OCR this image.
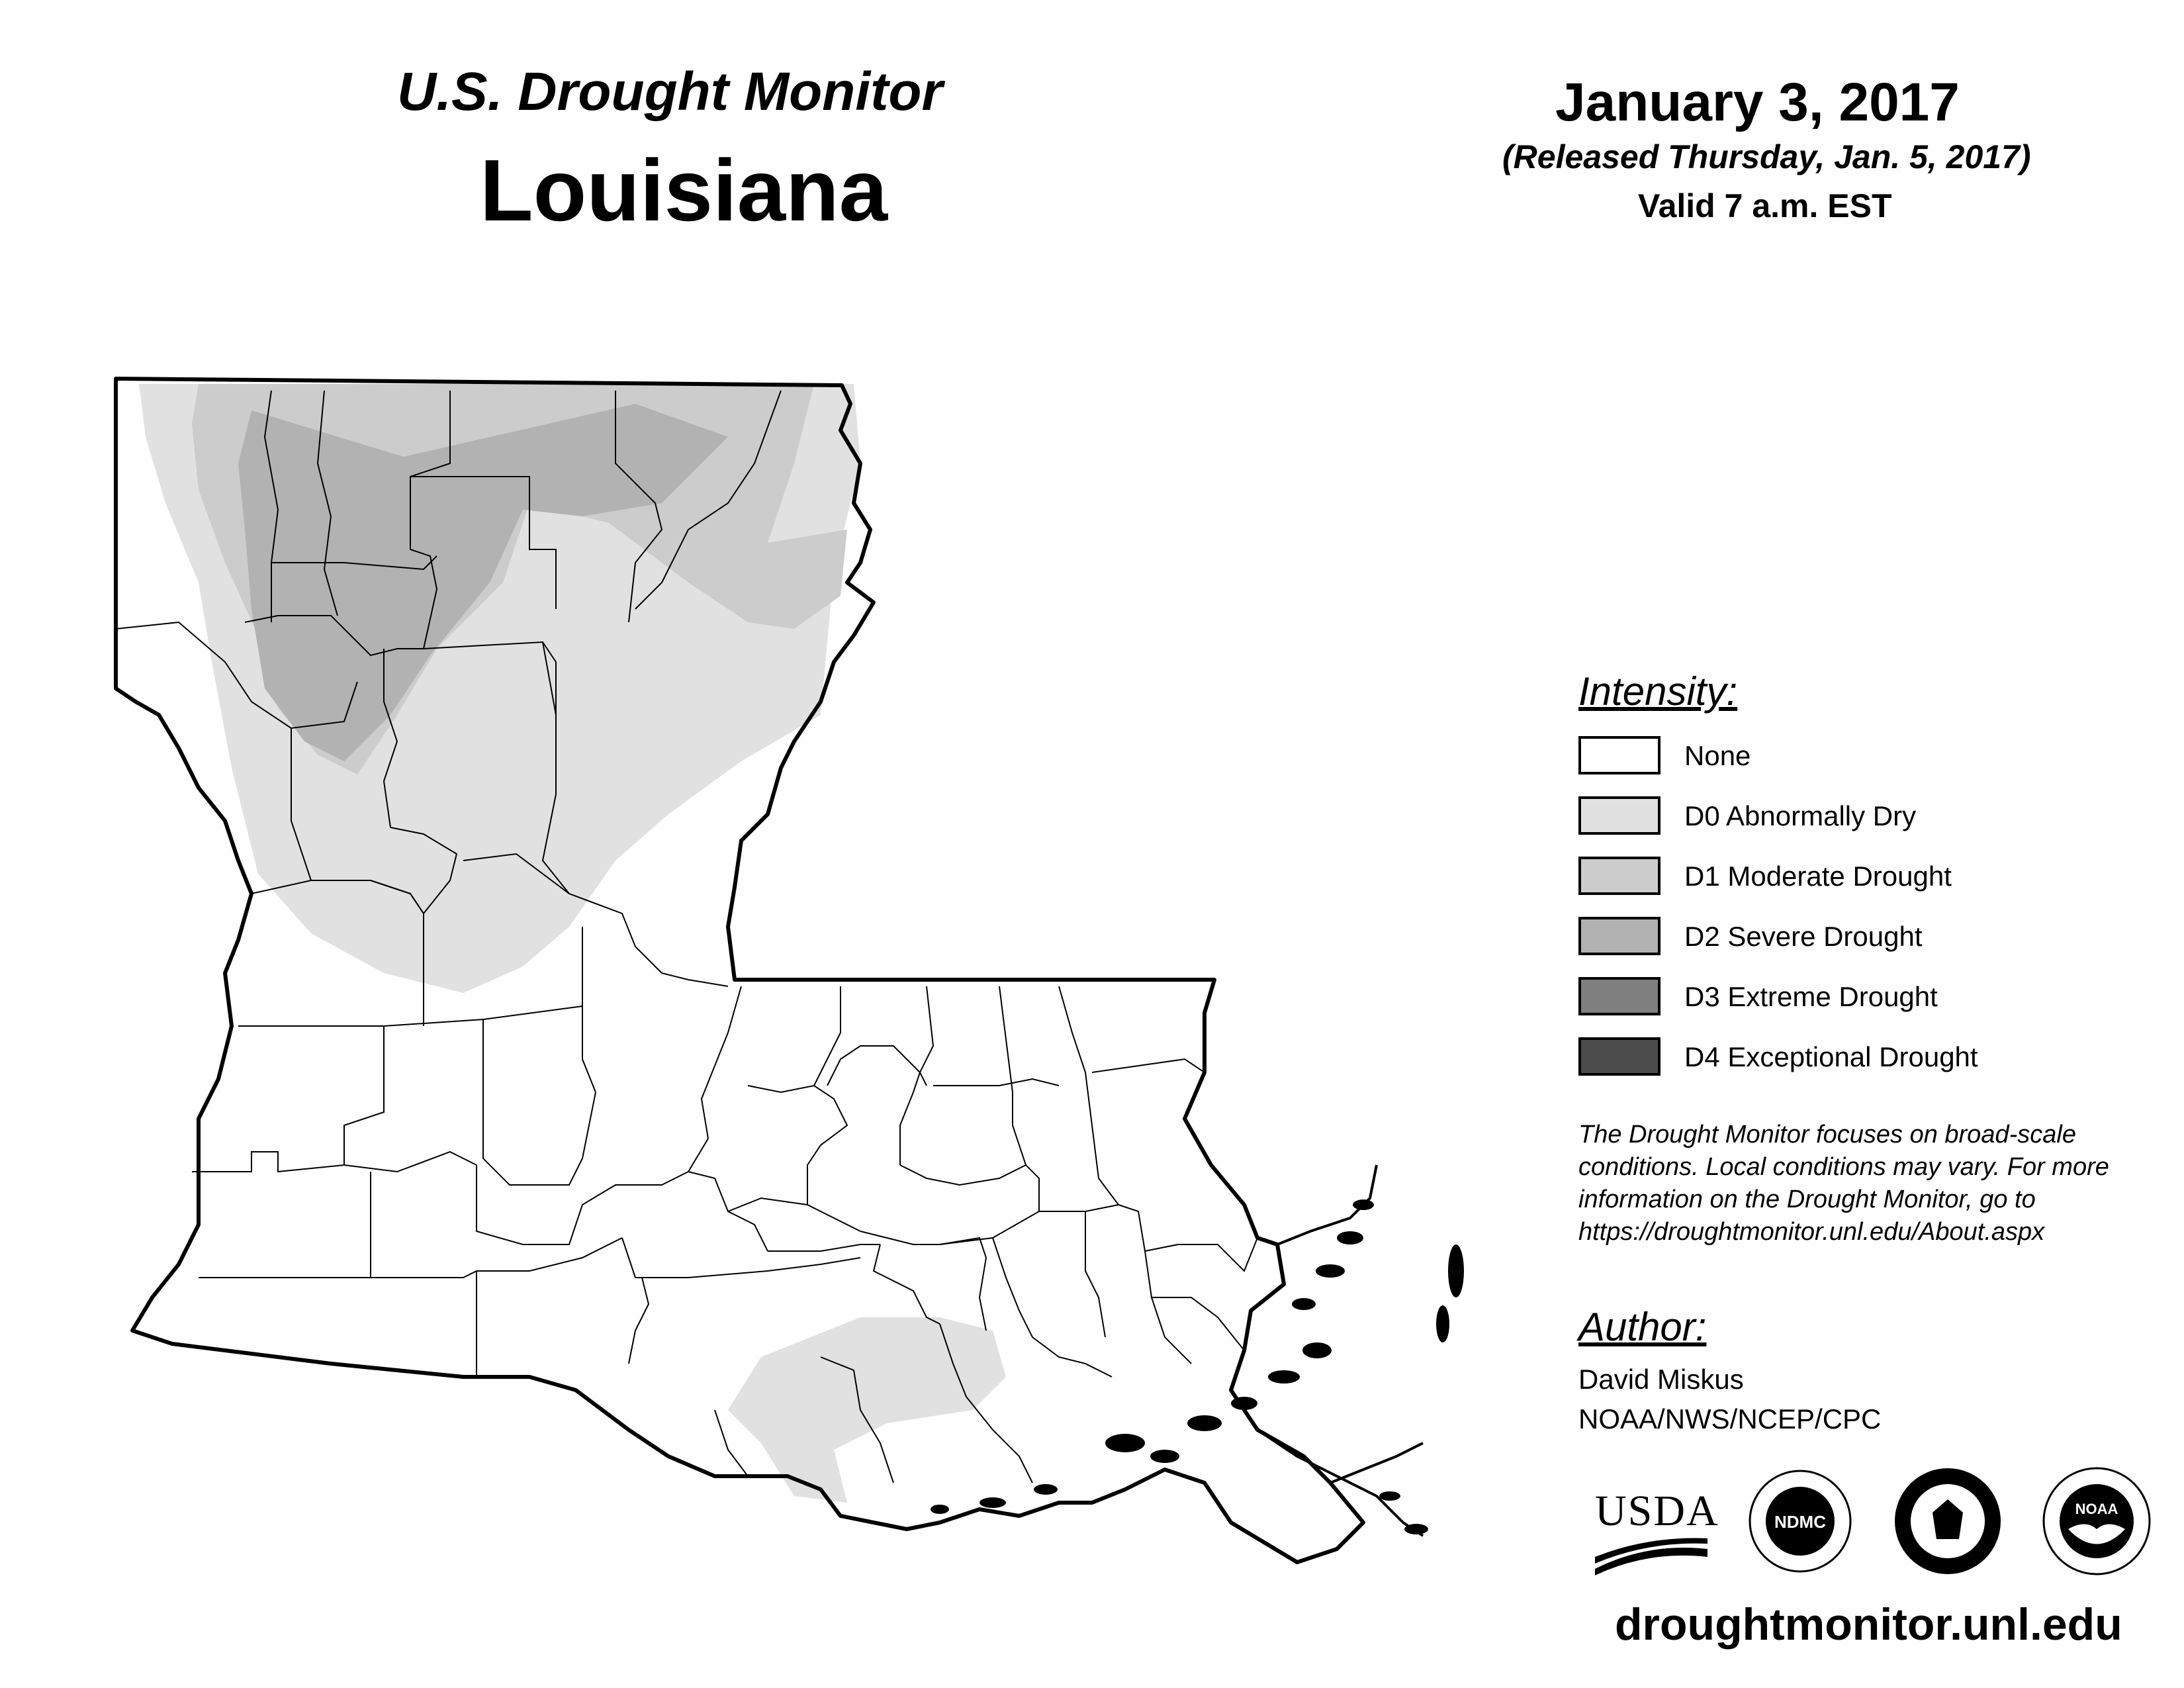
U.S. Drought Monitor
Louisiana
January 3, 2017
(Released Thursday, Jan. 5, 2017)
Valid 7 a.m. EST
Intensity:
None
D0 Abnormally Dry
D1 Moderate Drought
D2 Severe Drought
D3 Extreme Drought
D4 Exceptional Drought
The Drought Monitor focuses on broad-scale conditions. Local conditions may vary. For more information on the Drought Monitor, go to https://droughtmonitor.unl.edu/About.aspx
Author:
David Miskus
NOAA/NWS/NCEP/CPC
USDA	NDMC
NOAA
droughtmonitor.unl.edu
